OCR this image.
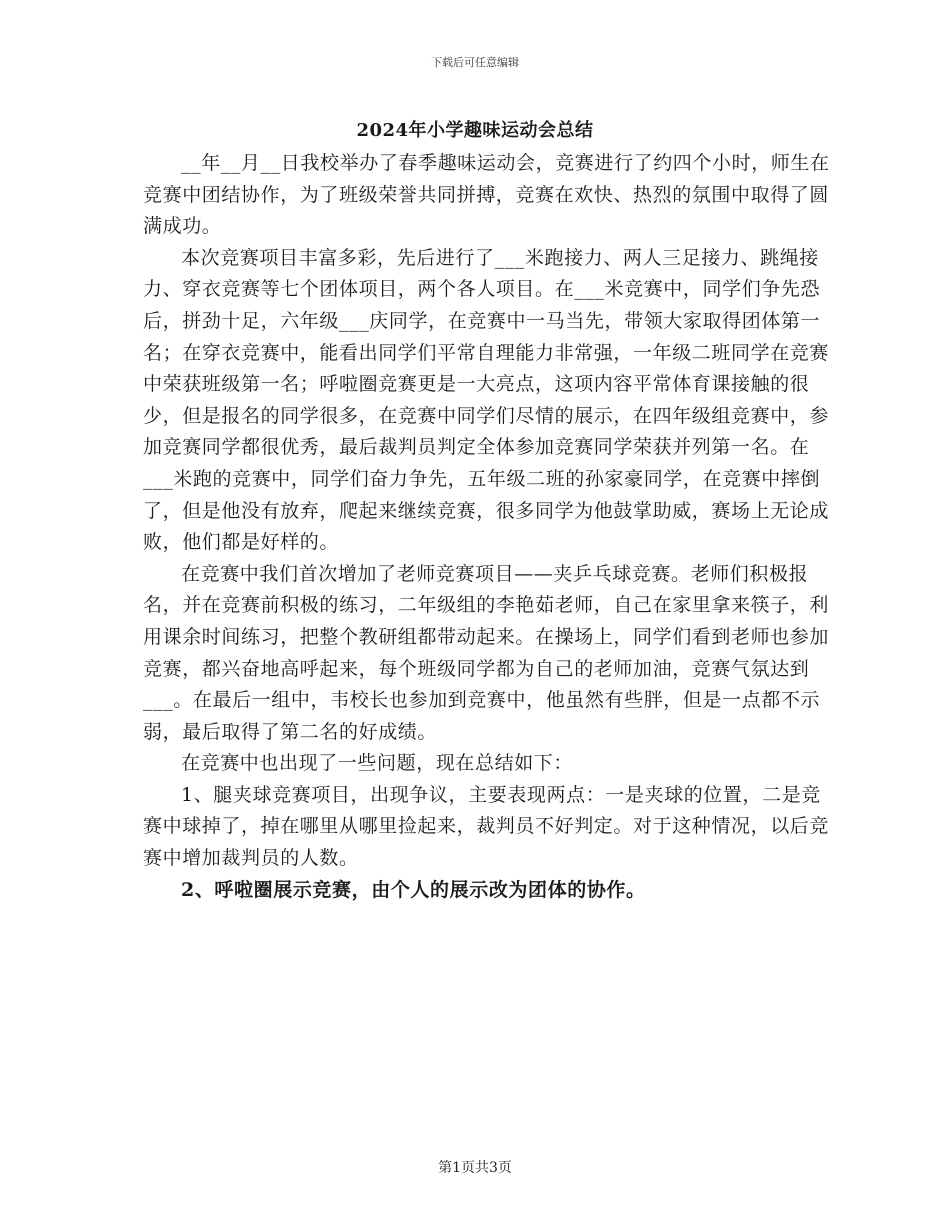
下载后可任意编辑
2024年小学趣味运动会总结

__年__月__日我校举办了春季趣味运动会，竞赛进行了约四个小时，师生在竞赛中团结协作，为了班级荣誉共同拼搏，竞赛在欢快、热烈的氛围中取得了圆满成功。

本次竞赛项目丰富多彩，先后进行了___米跑接力、两人三足接力、跳绳接力、穿衣竞赛等七个团体项目，两个各人项目。在___米竞赛中，同学们争先恐后，拼劲十足，六年级___庆同学，在竞赛中一马当先，带领大家取得团体第一名；在穿衣竞赛中，能看出同学们平常自理能力非常强，一年级二班同学在竞赛中荣获班级第一名；呼啦圈竞赛更是一大亮点，这项内容平常体育课接触的很少，但是报名的同学很多，在竞赛中同学们尽情的展示，在四年级组竞赛中，参加竞赛同学都很优秀，最后裁判员判定全体参加竞赛同学荣获并列第一名。在___米跑的竞赛中，同学们奋力争先，五年级二班的孙家豪同学，在竞赛中摔倒了，但是他没有放弃，爬起来继续竞赛，很多同学为他鼓掌助威，赛场上无论成败，他们都是好样的。

在竞赛中我们首次增加了老师竞赛项目——夹乒乓球竞赛。老师们积极报名，并在竞赛前积极的练习，二年级组的李艳茹老师，自己在家里拿来筷子，利用课余时间练习，把整个教研组都带动起来。在操场上，同学们看到老师也参加竞赛，都兴奋地高呼起来，每个班级同学都为自己的老师加油，竞赛气氛达到___。在最后一组中，韦校长也参加到竞赛中，他虽然有些胖，但是一点都不示弱，最后取得了第二名的好成绩。

在竞赛中也出现了一些问题，现在总结如下：

1、腿夹球竞赛项目，出现争议，主要表现两点：一是夹球的位置，二是竞赛中球掉了，掉在哪里从哪里捡起来，裁判员不好判定。对于这种情况，以后竞赛中增加裁判员的人数。

2、呼啦圈展示竞赛，由个人的展示改为团体的协作。

第1页共3页
